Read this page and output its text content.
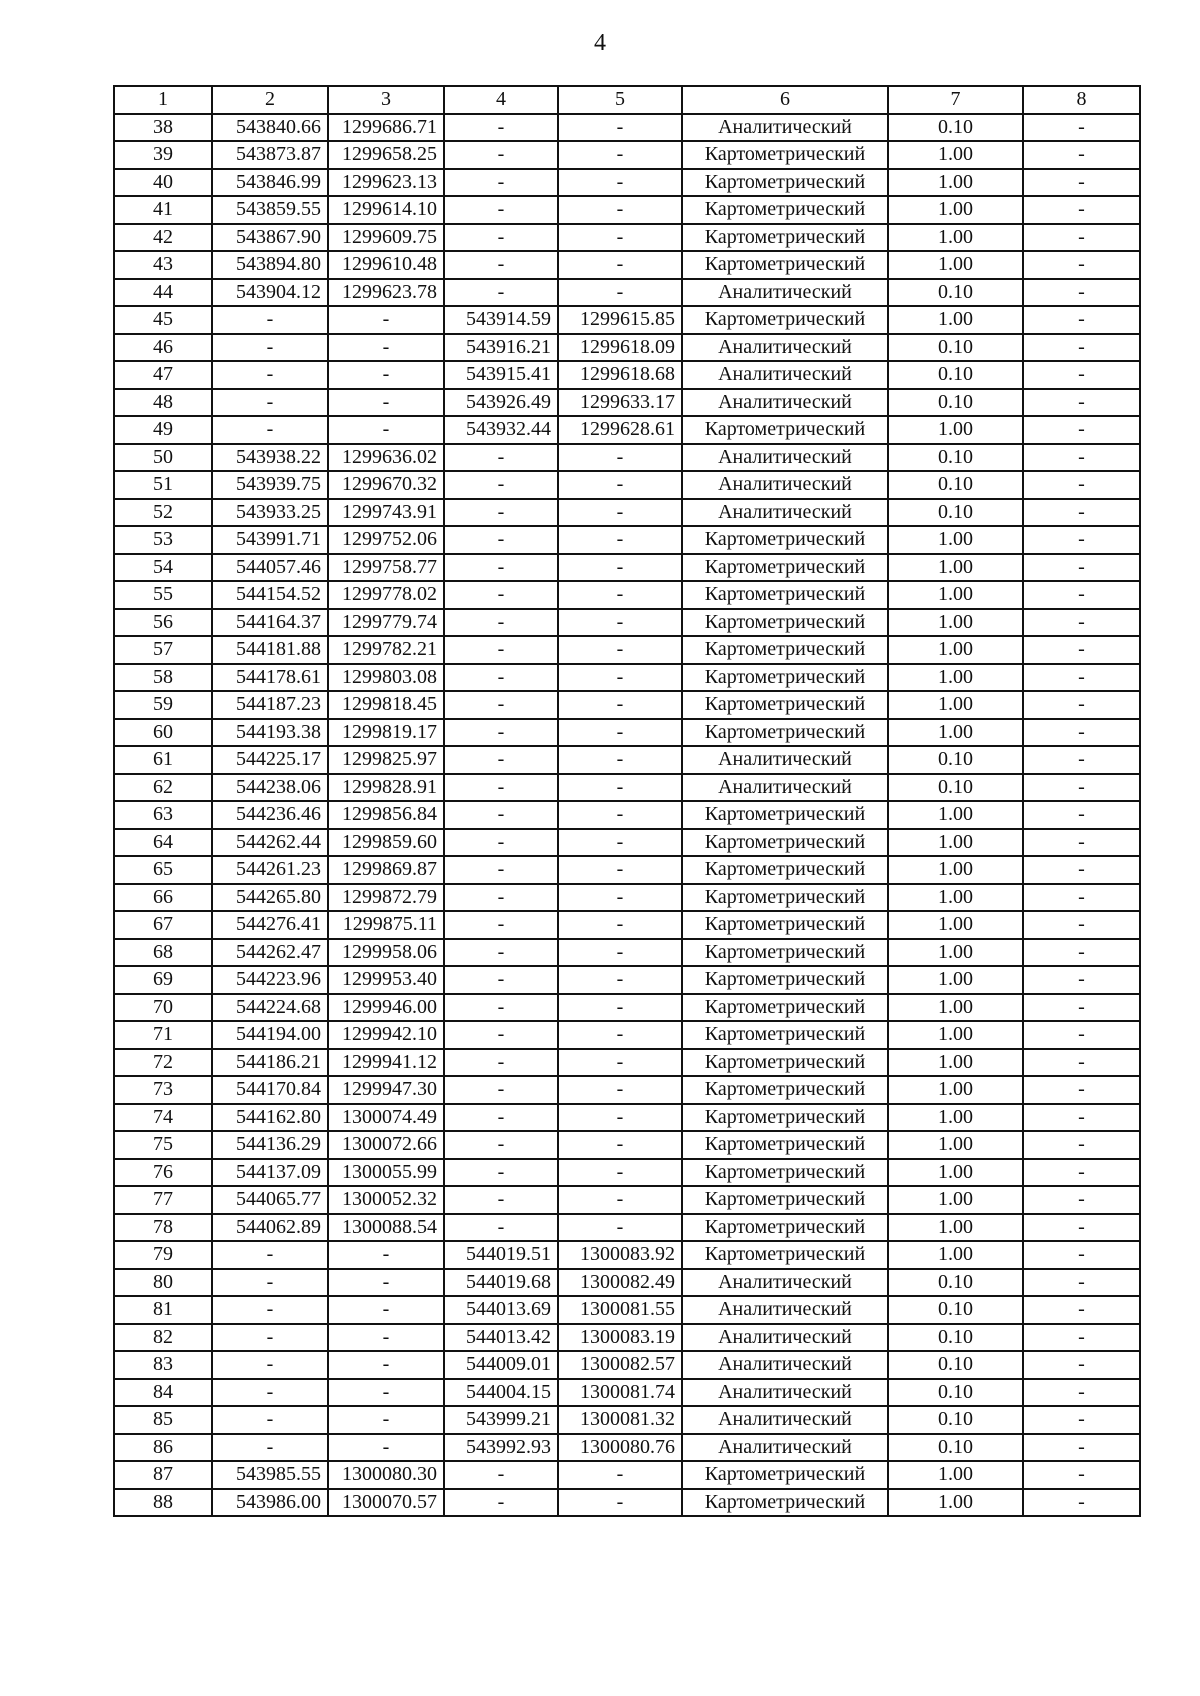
4
1	2	3	4	5	6	7	8
38	543840.66	1299686.71	-	-	Аналитический	0.10	-
39	543873.87	1299658.25	-	-	Картометрический	1.00	-
40	543846.99	1299623.13	-	-	Картометрический	1.00	-
41	543859.55	1299614.10	-	-	Картометрический	1.00	-
42	543867.90	1299609.75	-	-	Картометрический	1.00	-
43	543894.80	1299610.48	-	-	Картометрический	1.00	-
44	543904.12	1299623.78	-	-	Аналитический	0.10	-
45	-	-	543914.59	1299615.85	Картометрический	1.00	-
46	-	-	543916.21	1299618.09	Аналитический	0.10	-
47	-	-	543915.41	1299618.68	Аналитический	0.10	-
48	-	-	543926.49	1299633.17	Аналитический	0.10	-
49	-	-	543932.44	1299628.61	Картометрический	1.00	-
50	543938.22	1299636.02	-	-	Аналитический	0.10	-
51	543939.75	1299670.32	-	-	Аналитический	0.10	-
52	543933.25	1299743.91	-	-	Аналитический	0.10	-
53	543991.71	1299752.06	-	-	Картометрический	1.00	-
54	544057.46	1299758.77	-	-	Картометрический	1.00	-
55	544154.52	1299778.02	-	-	Картометрический	1.00	-
56	544164.37	1299779.74	-	-	Картометрический	1.00	-
57	544181.88	1299782.21	-	-	Картометрический	1.00	-
58	544178.61	1299803.08	-	-	Картометрический	1.00	-
59	544187.23	1299818.45	-	-	Картометрический	1.00	-
60	544193.38	1299819.17	-	-	Картометрический	1.00	-
61	544225.17	1299825.97	-	-	Аналитический	0.10	-
62	544238.06	1299828.91	-	-	Аналитический	0.10	-
63	544236.46	1299856.84	-	-	Картометрический	1.00	-
64	544262.44	1299859.60	-	-	Картометрический	1.00	-
65	544261.23	1299869.87	-	-	Картометрический	1.00	-
66	544265.80	1299872.79	-	-	Картометрический	1.00	-
67	544276.41	1299875.11	-	-	Картометрический	1.00	-
68	544262.47	1299958.06	-	-	Картометрический	1.00	-
69	544223.96	1299953.40	-	-	Картометрический	1.00	-
70	544224.68	1299946.00	-	-	Картометрический	1.00	-
71	544194.00	1299942.10	-	-	Картометрический	1.00	-
72	544186.21	1299941.12	-	-	Картометрический	1.00	-
73	544170.84	1299947.30	-	-	Картометрический	1.00	-
74	544162.80	1300074.49	-	-	Картометрический	1.00	-
75	544136.29	1300072.66	-	-	Картометрический	1.00	-
76	544137.09	1300055.99	-	-	Картометрический	1.00	-
77	544065.77	1300052.32	-	-	Картометрический	1.00	-
78	544062.89	1300088.54	-	-	Картометрический	1.00	-
79	-	-	544019.51	1300083.92	Картометрический	1.00	-
80	-	-	544019.68	1300082.49	Аналитический	0.10	-
81	-	-	544013.69	1300081.55	Аналитический	0.10	-
82	-	-	544013.42	1300083.19	Аналитический	0.10	-
83	-	-	544009.01	1300082.57	Аналитический	0.10	-
84	-	-	544004.15	1300081.74	Аналитический	0.10	-
85	-	-	543999.21	1300081.32	Аналитический	0.10	-
86	-	-	543992.93	1300080.76	Аналитический	0.10	-
87	543985.55	1300080.30	-	-	Картометрический	1.00	-
88	543986.00	1300070.57	-	-	Картометрический	1.00	-
